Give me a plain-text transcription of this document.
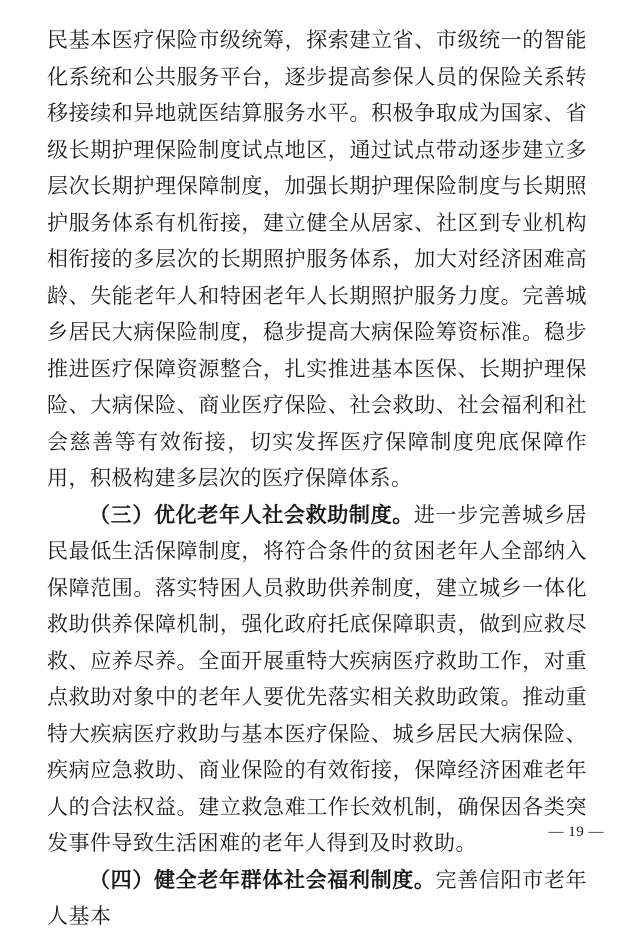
民基本医疗保险市级统筹，探索建立省、市级统一的智能化系统和公共服务平台，逐步提高参保人员的保险关系转移接续和异地就医结算服务水平。积极争取成为国家、省级长期护理保险制度试点地区，通过试点带动逐步建立多层次长期护理保障制度，加强长期护理保险制度与长期照护服务体系有机衔接，建立健全从居家、社区到专业机构相衔接的多层次的长期照护服务体系，加大对经济困难高龄、失能老年人和特困老年人长期照护服务力度。完善城乡居民大病保险制度，稳步提高大病保险筹资标准。稳步推进医疗保障资源整合，扎实推进基本医保、长期护理保险、大病保险、商业医疗保险、社会救助、社会福利和社会慈善等有效衔接，切实发挥医疗保障制度兜底保障作用，积极构建多层次的医疗保障体系。

（三）优化老年人社会救助制度。进一步完善城乡居民最低生活保障制度，将符合条件的贫困老年人全部纳入保障范围。落实特困人员救助供养制度，建立城乡一体化救助供养保障机制，强化政府托底保障职责，做到应救尽救、应养尽养。全面开展重特大疾病医疗救助工作，对重点救助对象中的老年人要优先落实相关救助政策。推动重特大疾病医疗救助与基本医疗保险、城乡居民大病保险、疾病应急救助、商业保险的有效衔接，保障经济困难老年人的合法权益。建立救急难工作长效机制，确保因各类突发事件导致生活困难的老年人得到及时救助。

（四）健全老年群体社会福利制度。完善信阳市老年人基本

— 19 —
